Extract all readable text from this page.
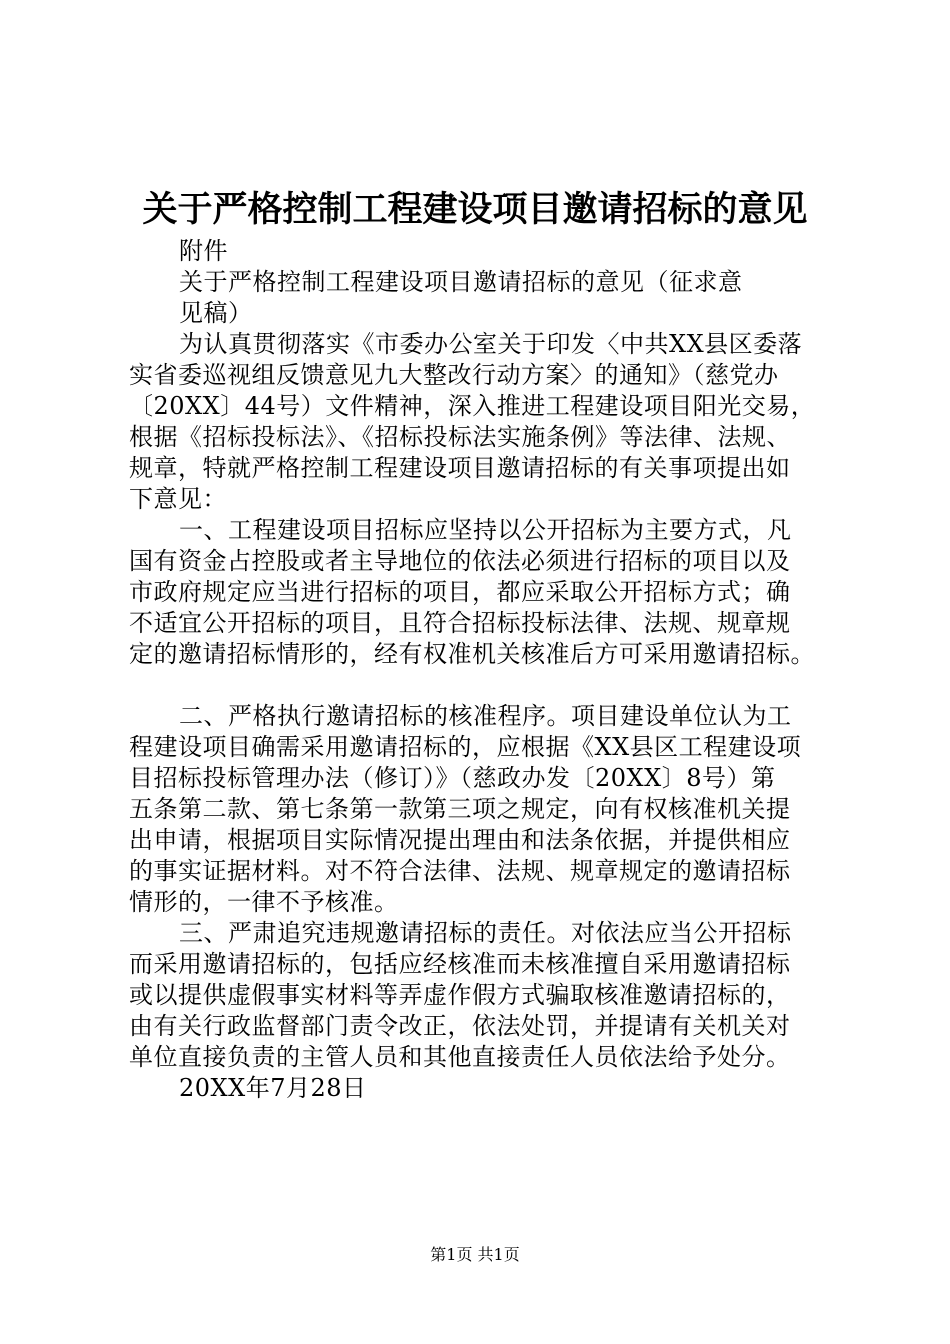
关于严格控制工程建设项目邀请招标的意见
附件
关于严格控制工程建设项目邀请招标的意见（征求意
见稿）
为认真贯彻落实《市委办公室关于印发〈中共XX县区委落
实省委巡视组反馈意见九大整改行动方案〉的通知》（慈党办
〔20XX〕44号）文件精神，深入推进工程建设项目阳光交易，
根据《招标投标法》、《招标投标法实施条例》等法律、法规、
规章，特就严格控制工程建设项目邀请招标的有关事项提出如
下意见：
一、工程建设项目招标应坚持以公开招标为主要方式，凡
国有资金占控股或者主导地位的依法必须进行招标的项目以及
市政府规定应当进行招标的项目，都应采取公开招标方式；确
不适宜公开招标的项目，且符合招标投标法律、法规、规章规
定的邀请招标情形的，经有权准机关核准后方可采用邀请招标。
二、严格执行邀请招标的核准程序。项目建设单位认为工
程建设项目确需采用邀请招标的，应根据《XX县区工程建设项
目招标投标管理办法（修订）》（慈政办发〔20XX〕8号）第
五条第二款、第七条第一款第三项之规定，向有权核准机关提
出申请，根据项目实际情况提出理由和法条依据，并提供相应
的事实证据材料。对不符合法律、法规、规章规定的邀请招标
情形的，一律不予核准。
三、严肃追究违规邀请招标的责任。对依法应当公开招标
而采用邀请招标的，包括应经核准而未核准擅自采用邀请招标
或以提供虚假事实材料等弄虚作假方式骗取核准邀请招标的，
由有关行政监督部门责令改正，依法处罚，并提请有关机关对
单位直接负责的主管人员和其他直接责任人员依法给予处分。
20XX年7月28日
第1页 共1页
